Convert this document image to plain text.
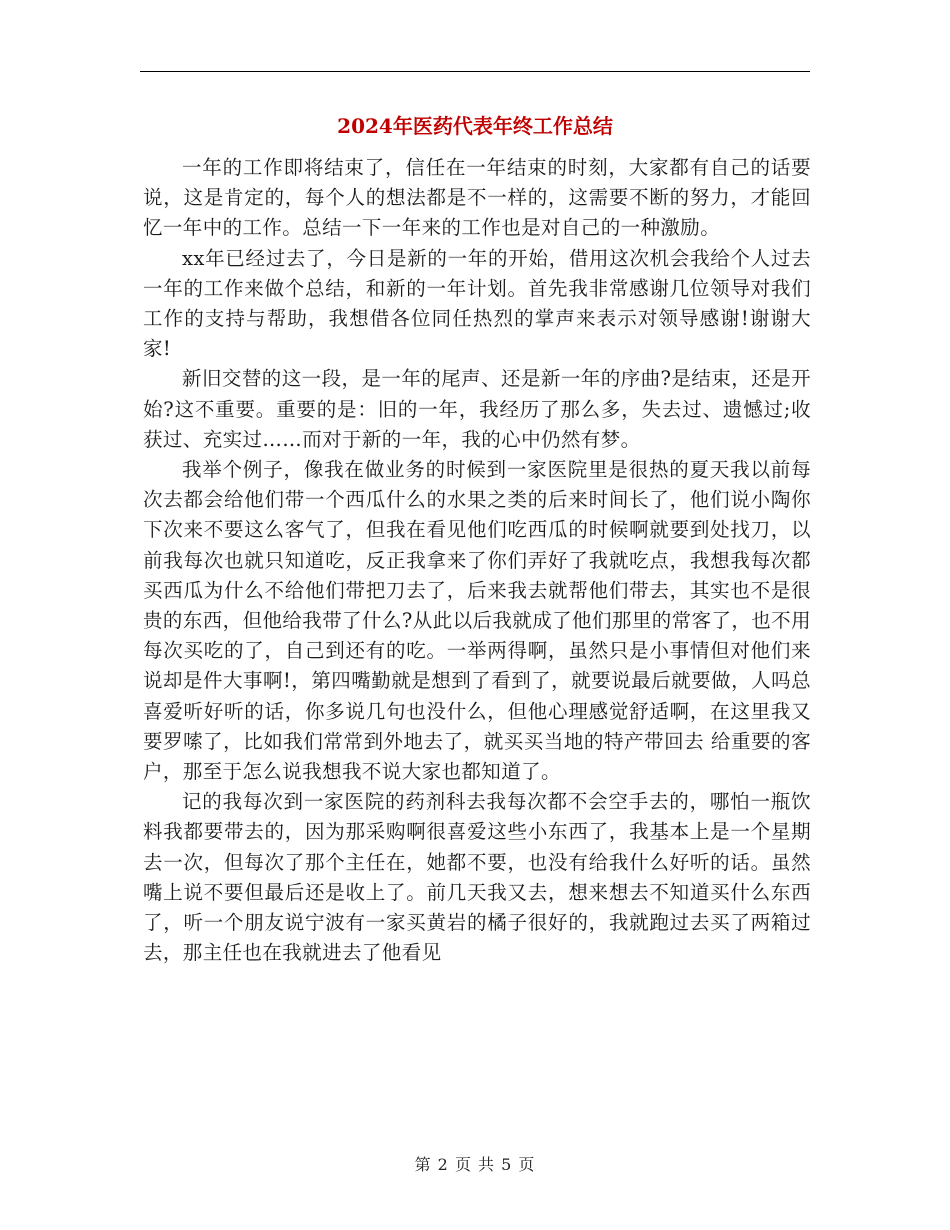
2024年医药代表年终工作总结

一年的工作即将结束了，信任在一年结束的时刻，大家都有自己的话要说，这是肯定的，每个人的想法都是不一样的，这需要不断的努力，才能回忆一年中的工作。总结一下一年来的工作也是对自己的一种激励。

xx年已经过去了，今日是新的一年的开始，借用这次机会我给个人过去一年的工作来做个总结，和新的一年计划。首先我非常感谢几位领导对我们工作的支持与帮助，我想借各位同任热烈的掌声来表示对领导感谢!谢谢大家!

新旧交替的这一段，是一年的尾声、还是新一年的序曲?是结束，还是开始?这不重要。重要的是：旧的一年，我经历了那么多，失去过、遗憾过;收获过、充实过……而对于新的一年，我的心中仍然有梦。

我举个例子，像我在做业务的时候到一家医院里是很热的夏天我以前每次去都会给他们带一个西瓜什么的水果之类的后来时间长了，他们说小陶你下次来不要这么客气了，但我在看见他们吃西瓜的时候啊就要到处找刀，以前我每次也就只知道吃，反正我拿来了你们弄好了我就吃点，我想我每次都买西瓜为什么不给他们带把刀去了，后来我去就帮他们带去，其实也不是很贵的东西，但他给我带了什么?从此以后我就成了他们那里的常客了，也不用每次买吃的了，自己到还有的吃。一举两得啊，虽然只是小事情但对他们来说却是件大事啊!，第四嘴勤就是想到了看到了，就要说最后就要做，人吗总喜爱听好听的话，你多说几句也没什么，但他心理感觉舒适啊，在这里我又要罗嗦了，比如我们常常到外地去了，就买买当地的特产带回去 给重要的客户，那至于怎么说我想我不说大家也都知道了。

记的我每次到一家医院的药剂科去我每次都不会空手去的，哪怕一瓶饮料我都要带去的，因为那采购啊很喜爱这些小东西了，我基本上是一个星期去一次，但每次了那个主任在，她都不要，也没有给我什么好听的话。虽然嘴上说不要但最后还是收上了。前几天我又去，想来想去不知道买什么东西了，听一个朋友说宁波有一家买黄岩的橘子很好的，我就跑过去买了两箱过去，那主任也在我就进去了他看见

第 2 页 共 5 页
